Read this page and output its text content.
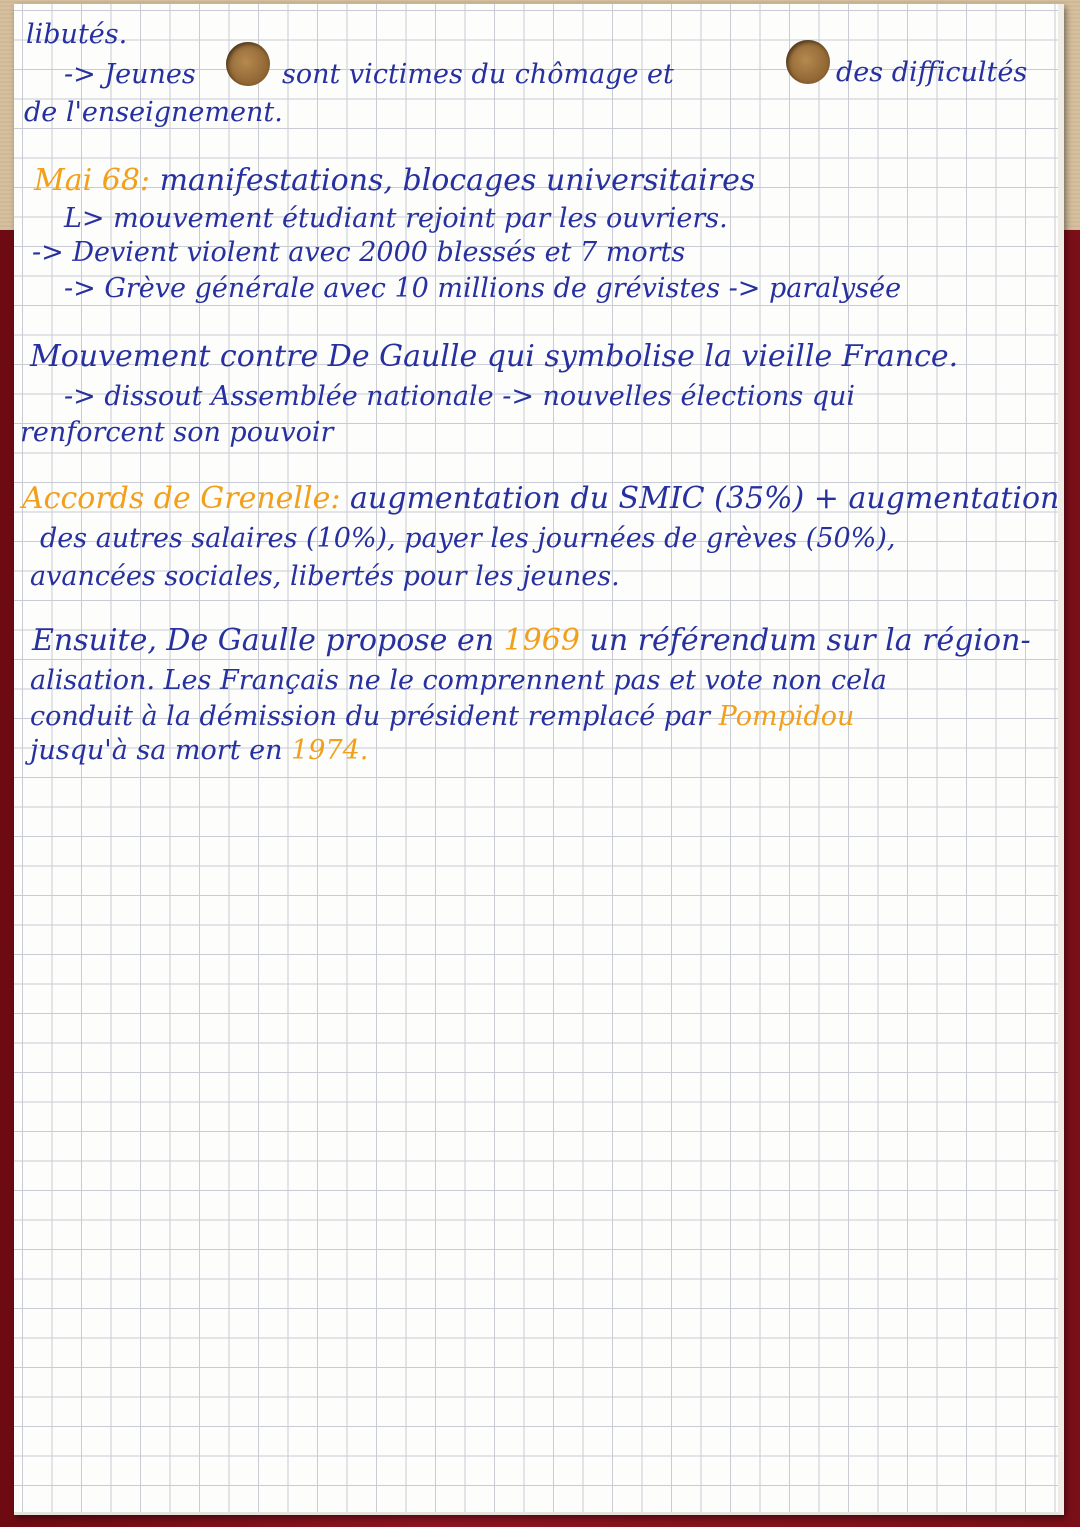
libutés.

-> Jeunes	sont victimes du chômage et	des difficultés

de l'enseignement.

Mai 68: manifestations, blocages universitaires

L> mouvement étudiant rejoint par les ouvriers.

-> Devient violent avec 2000 blessés et 7 morts

-> Grève générale avec 10 millions de grévistes -> paralysée

Mouvement contre De Gaulle qui symbolise la vieille France.

-> dissout Assemblée nationale -> nouvelles élections qui

renforcent son pouvoir

Accords de Grenelle: augmentation du SMIC (35%) + augmentation

des autres salaires (10%), payer les journées de grèves (50%),

avancées sociales, libertés pour les jeunes.

Ensuite, De Gaulle propose en 1969 un référendum sur la région-

alisation. Les Français ne le comprennent pas et vote non cela

conduit à la démission du président remplacé par Pompidou

jusqu'à sa mort en 1974.
